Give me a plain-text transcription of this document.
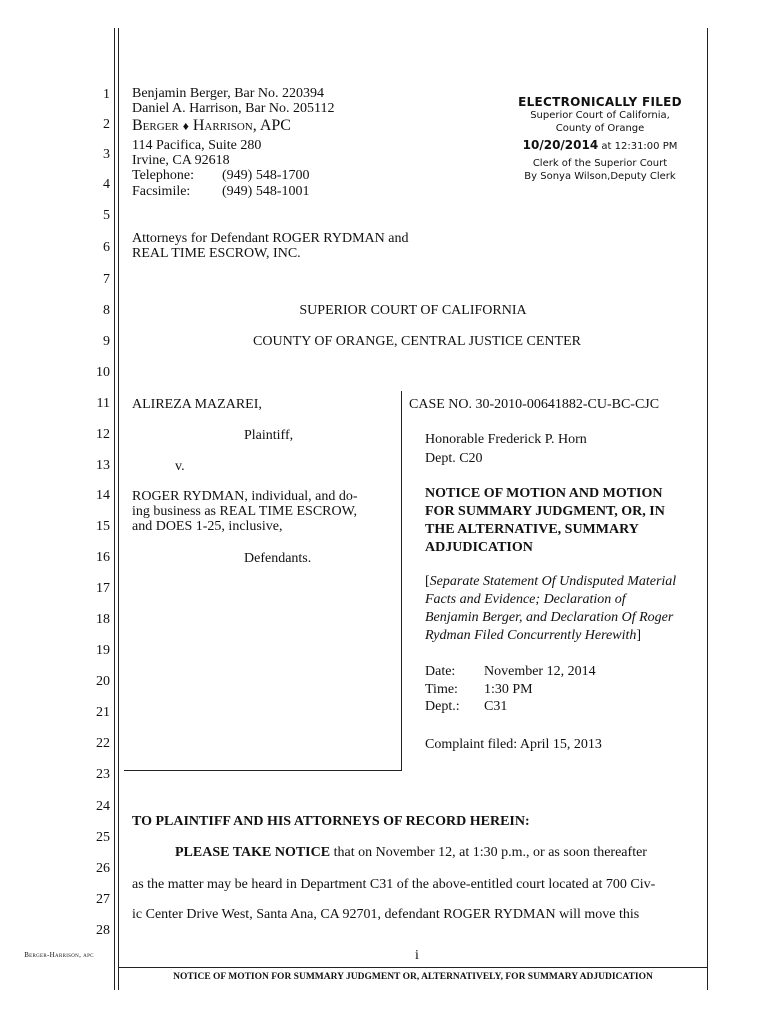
1
2
3
4
5
6
7
8
9
10
11
12
13
14
15
16
17
18
19
20
21
22
23
24
25
26
27
28
Benjamin Berger, Bar No. 220394
Daniel A. Harrison, Bar No. 205112
Berger ♦ Harrison, APC
114 Pacifica, Suite 280
Irvine, CA 92618
Telephone: (949) 548-1700
Facsimile: (949) 548-1001
Attorneys for Defendant ROGER RYDMAN and
REAL TIME ESCROW, INC.
ELECTRONICALLY FILED
Superior Court of California,
County of Orange
10/20/2014 at 12:31:00 PM
Clerk of the Superior Court
By Sonya Wilson,Deputy Clerk
SUPERIOR COURT OF CALIFORNIA
COUNTY OF ORANGE, CENTRAL JUSTICE CENTER
ALIREZA MAZAREI,
Plaintiff,
v.
ROGER RYDMAN, individual, and do-
ing business as REAL TIME ESCROW,
and DOES 1-25, inclusive,
Defendants.
CASE NO. 30-2010-00641882-CU-BC-CJC
Honorable Frederick P. Horn
Dept. C20
NOTICE OF MOTION AND MOTION
FOR SUMMARY JUDGMENT, OR, IN
THE ALTERNATIVE, SUMMARY
ADJUDICATION
[Separate Statement Of Undisputed Material
Facts and Evidence; Declaration of
Benjamin Berger, and Declaration Of Roger
Rydman Filed Concurrently Herewith]
Date: November 12, 2014
Time: 1:30 PM
Dept.: C31
Complaint filed: April 15, 2013
TO PLAINTIFF AND HIS ATTORNEYS OF RECORD HEREIN:
PLEASE TAKE NOTICE that on November 12, at 1:30 p.m., or as soon thereafter
as the matter may be heard in Department C31 of the above-entitled court located at 700 Civ-
ic Center Drive West, Santa Ana, CA 92701, defendant ROGER RYDMAN will move this
i
Berger-Harrison, apc
NOTICE OF MOTION FOR SUMMARY JUDGMENT OR, ALTERNATIVELY, FOR SUMMARY ADJUDICATION
